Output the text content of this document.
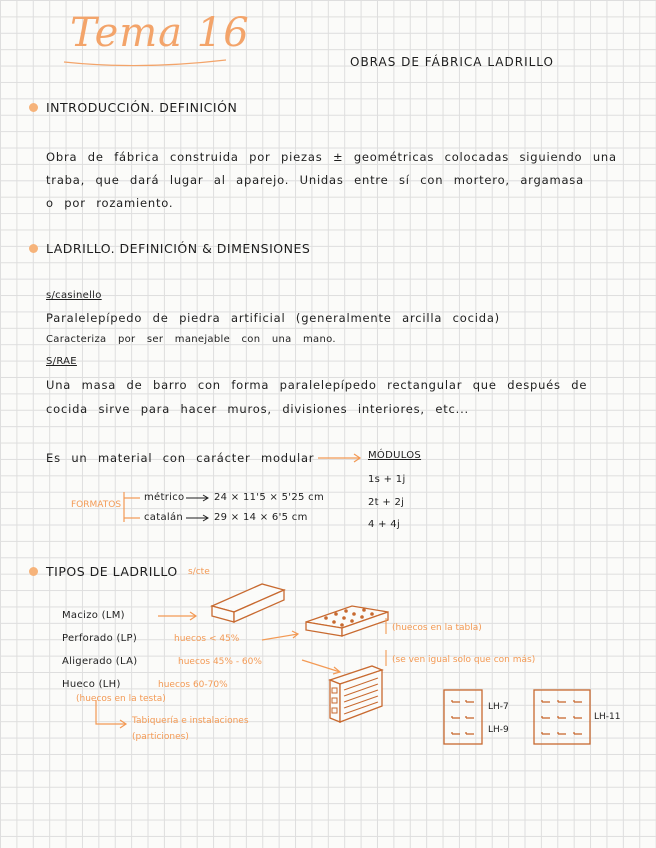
Tema 16
OBRAS DE FÁBRICA LADRILLO
INTRODUCCIÓN. DEFINICIÓN
Obra de fábrica construida por piezas ± geométricas colocadas siguiendo una
traba, que dará lugar al aparejo. Unidas entre sí con mortero, argamasa
o por rozamiento.
LADRILLO. DEFINICIÓN & DIMENSIONES
s/casinello
Paralelepípedo de piedra artificial (generalmente arcilla cocida)
Caracteriza por ser manejable con una mano.
S/RAE
Una masa de barro con forma paralelepípedo rectangular que después de
cocida sirve para hacer muros, divisiones interiores, etc...
Es un material con carácter modular	MÓDULOS
1s + 1j
2t + 2j
4 + 4j
FORMATOS
métrico	24 × 11'5 × 5'25 cm
catalán	29 × 14 × 6'5 cm
TIPOS DE LADRILLO s/cte
Macizo (LM)
Perforado (LP)	huecos < 45%
Aligerado (LA)	huecos 45% - 60%
Hueco (LH)	huecos 60-70%
(huecos en la testa)
(huecos en la tabla)
(se ven igual solo que con más)
Tabiquería e instalaciones
(particiones)
LH-7
LH-9
LH-11
